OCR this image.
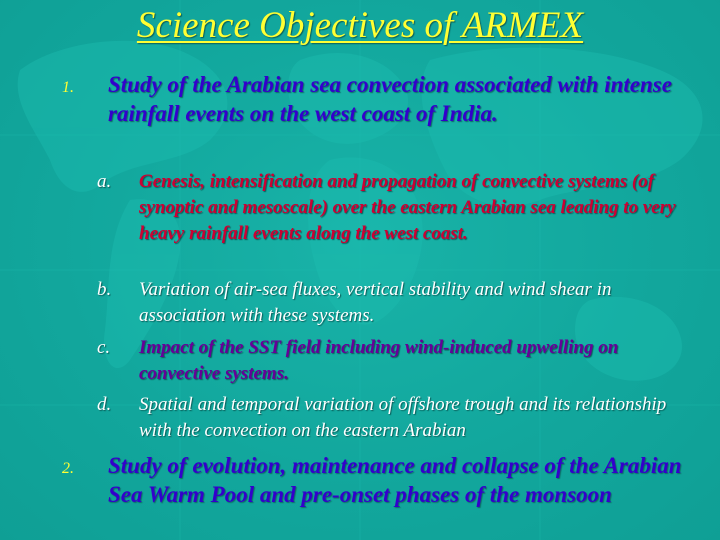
Science Objectives of ARMEX
1. Study of the Arabian sea convection associated with intense rainfall events on the west coast of India.
a. Genesis, intensification and propagation of convective systems (of synoptic and mesoscale) over the eastern Arabian sea leading to very heavy rainfall events along the west coast.
b. Variation of air-sea fluxes, vertical stability and wind shear in association with these systems.
c. Impact of the SST field including wind-induced upwelling on convective systems.
d. Spatial and temporal variation of offshore trough and its relationship with the convection on the eastern Arabian
2. Study of evolution, maintenance and collapse of the Arabian Sea Warm Pool and pre-onset phases of the monsoon
